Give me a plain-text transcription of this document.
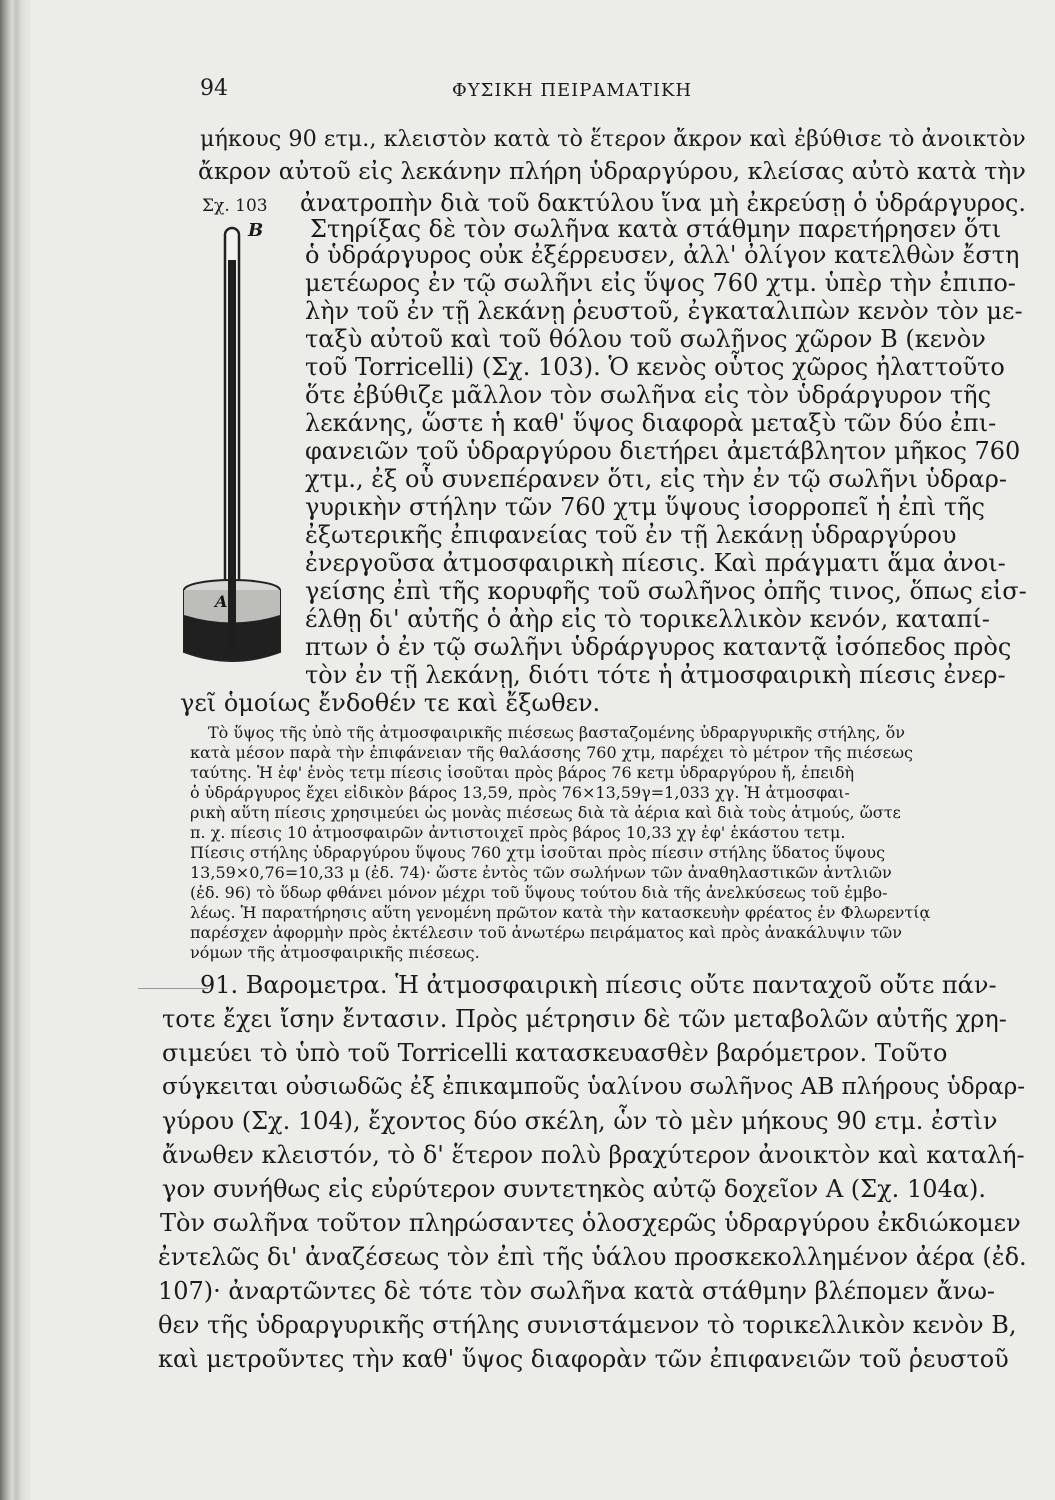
94	ΦΥΣΙΚΗ ΠΕΙΡΑΜΑΤΙΚΗ
Σχ. 103
B
A
μήκους 90 ετμ., κλειστὸν κατὰ τὸ ἕτερον ἄκρον καὶ ἐβύθισε τὸ ἀνοικτὸν
ἄκρον αὐτοῦ εἰς λεκάνην πλήρη ὑδραργύρου, κλείσας αὐτὸ κατὰ τὴν
ἀνατροπὴν διὰ τοῦ δακτύλου ἵνα μὴ ἐκρεύσῃ ὁ ὑδράργυρος.
Στηρίξας δὲ τὸν σωλῆνα κατὰ στάθμην παρετήρησεν ὅτι
ὁ ὑδράργυρος οὐκ ἐξέρρευσεν, ἀλλ' ὀλίγον κατελθὼν ἔστη
μετέωρος ἐν τῷ σωλῆνι εἰς ὕψος 760 χτμ. ὑπὲρ τὴν ἐπιπο-
λὴν τοῦ ἐν τῇ λεκάνῃ ῥευστοῦ, ἐγκαταλιπὼν κενὸν τὸν με-
ταξὺ αὐτοῦ καὶ τοῦ θόλου τοῦ σωλῆνος χῶρον B (κενὸν
τοῦ Torricelli) (Σχ. 103). Ὁ κενὸς οὗτος χῶρος ἠλαττοῦτο
ὅτε ἐβύθιζε μᾶλλον τὸν σωλῆνα εἰς τὸν ὑδράργυρον τῆς
λεκάνης, ὥστε ἡ καθ' ὕψος διαφορὰ μεταξὺ τῶν δύο ἐπι-
φανειῶν τοῦ ὑδραργύρου διετήρει ἀμετάβλητον μῆκος 760
χτμ., ἐξ οὗ συνεπέρανεν ὅτι, εἰς τὴν ἐν τῷ σωλῆνι ὑδραρ-
γυρικὴν στήλην τῶν 760 χτμ ὕψους ἰσορροπεῖ ἡ ἐπὶ τῆς
ἐξωτερικῆς ἐπιφανείας τοῦ ἐν τῇ λεκάνῃ ὑδραργύρου
ἐνεργοῦσα ἀτμοσφαιρικὴ πίεσις. Καὶ πράγματι ἅμα ἀνοι-
γείσης ἐπὶ τῆς κορυφῆς τοῦ σωλῆνος ὀπῆς τινος, ὅπως εἰσ-
έλθῃ δι' αὐτῆς ὁ ἀὴρ εἰς τὸ τορικελλικὸν κενόν, καταπί-
πτων ὁ ἐν τῷ σωλῆνι ὑδράργυρος καταντᾷ ἰσόπεδος πρὸς
τὸν ἐν τῇ λεκάνῃ, διότι τότε ἡ ἀτμοσφαιρικὴ πίεσις ἐνερ-
γεῖ ὁμοίως ἔνδοθέν τε καὶ ἔξωθεν.
Τὸ ὕψος τῆς ὑπὸ τῆς ἀτμοσφαιρικῆς πιέσεως βασταζομένης ὑδραργυρικῆς στήλης, ὅν
κατὰ μέσον παρὰ τὴν ἐπιφάνειαν τῆς θαλάσσης 760 χτμ, παρέχει τὸ μέτρον τῆς πιέσεως
ταύτης. Ἡ ἐφ' ἑνὸς τετμ πίεσις ἰσοῦται πρὸς βάρος 76 κετμ ὑδραργύρου ἤ, ἐπειδὴ
ὁ ὑδράργυρος ἔχει εἰδικὸν βάρος 13,59, πρὸς 76×13,59γ=1,033 χγ. Ἡ ἀτμοσφαι-
ρικὴ αὕτη πίεσις χρησιμεύει ὡς μονὰς πιέσεως διὰ τὰ ἀέρια καὶ διὰ τοὺς ἀτμούς, ὥστε
π. χ. πίεσις 10 ἀτμοσφαιρῶν ἀντιστοιχεῖ πρὸς βάρος 10,33 χγ ἐφ' ἑκάστου τετμ.
Πίεσις στήλης ὑδραργύρου ὕψους 760 χτμ ἰσοῦται πρὸς πίεσιν στήλης ὕδατος ὕψους
13,59×0,76=10,33 μ (ἐδ. 74)· ὥστε ἐντὸς τῶν σωλήνων τῶν ἀναθηλαστικῶν ἀντλιῶν
(ἐδ. 96) τὸ ὕδωρ φθάνει μόνον μέχρι τοῦ ὕψους τούτου διὰ τῆς ἀνελκύσεως τοῦ ἐμβο-
λέως. Ἡ παρατήρησις αὕτη γενομένη πρῶτον κατὰ τὴν κατασκευὴν φρέατος ἐν Φλωρεντίᾳ
παρέσχεν ἀφορμὴν πρὸς ἐκτέλεσιν τοῦ ἀνωτέρω πειράματος καὶ πρὸς ἀνακάλυψιν τῶν
νόμων τῆς ἀτμοσφαιρικῆς πιέσεως.
91. Βαρομετρα. Ἡ ἀτμοσφαιρικὴ πίεσις οὔτε πανταχοῦ οὔτε πάν-
τοτε ἔχει ἴσην ἔντασιν. Πρὸς μέτρησιν δὲ τῶν μεταβολῶν αὐτῆς χρη-
σιμεύει τὸ ὑπὸ τοῦ Torricelli κατασκευασθὲν βαρόμετρον. Τοῦτο
σύγκειται οὐσιωδῶς ἐξ ἐπικαμποῦς ὑαλίνου σωλῆνος AB πλήρους ὑδραρ-
γύρου (Σχ. 104), ἔχοντος δύο σκέλη, ὧν τὸ μὲν μήκους 90 ετμ. ἐστὶν
ἄνωθεν κλειστόν, τὸ δ' ἕτερον πολὺ βραχύτερον ἀνοικτὸν καὶ καταλή-
γον συνήθως εἰς εὐρύτερον συντετηκὸς αὐτῷ δοχεῖον A (Σχ. 104α).
Τὸν σωλῆνα τοῦτον πληρώσαντες ὁλοσχερῶς ὑδραργύρου ἐκδιώκομεν
ἐντελῶς δι' ἀναζέσεως τὸν ἐπὶ τῆς ὑάλου προσκεκολλημένον ἀέρα (ἐδ.
107)· ἀναρτῶντες δὲ τότε τὸν σωλῆνα κατὰ στάθμην βλέπομεν ἄνω-
θεν τῆς ὑδραργυρικῆς στήλης συνιστάμενον τὸ τορικελλικὸν κενὸν B,
καὶ μετροῦντες τὴν καθ' ὕψος διαφορὰν τῶν ἐπιφανειῶν τοῦ ῥευστοῦ
